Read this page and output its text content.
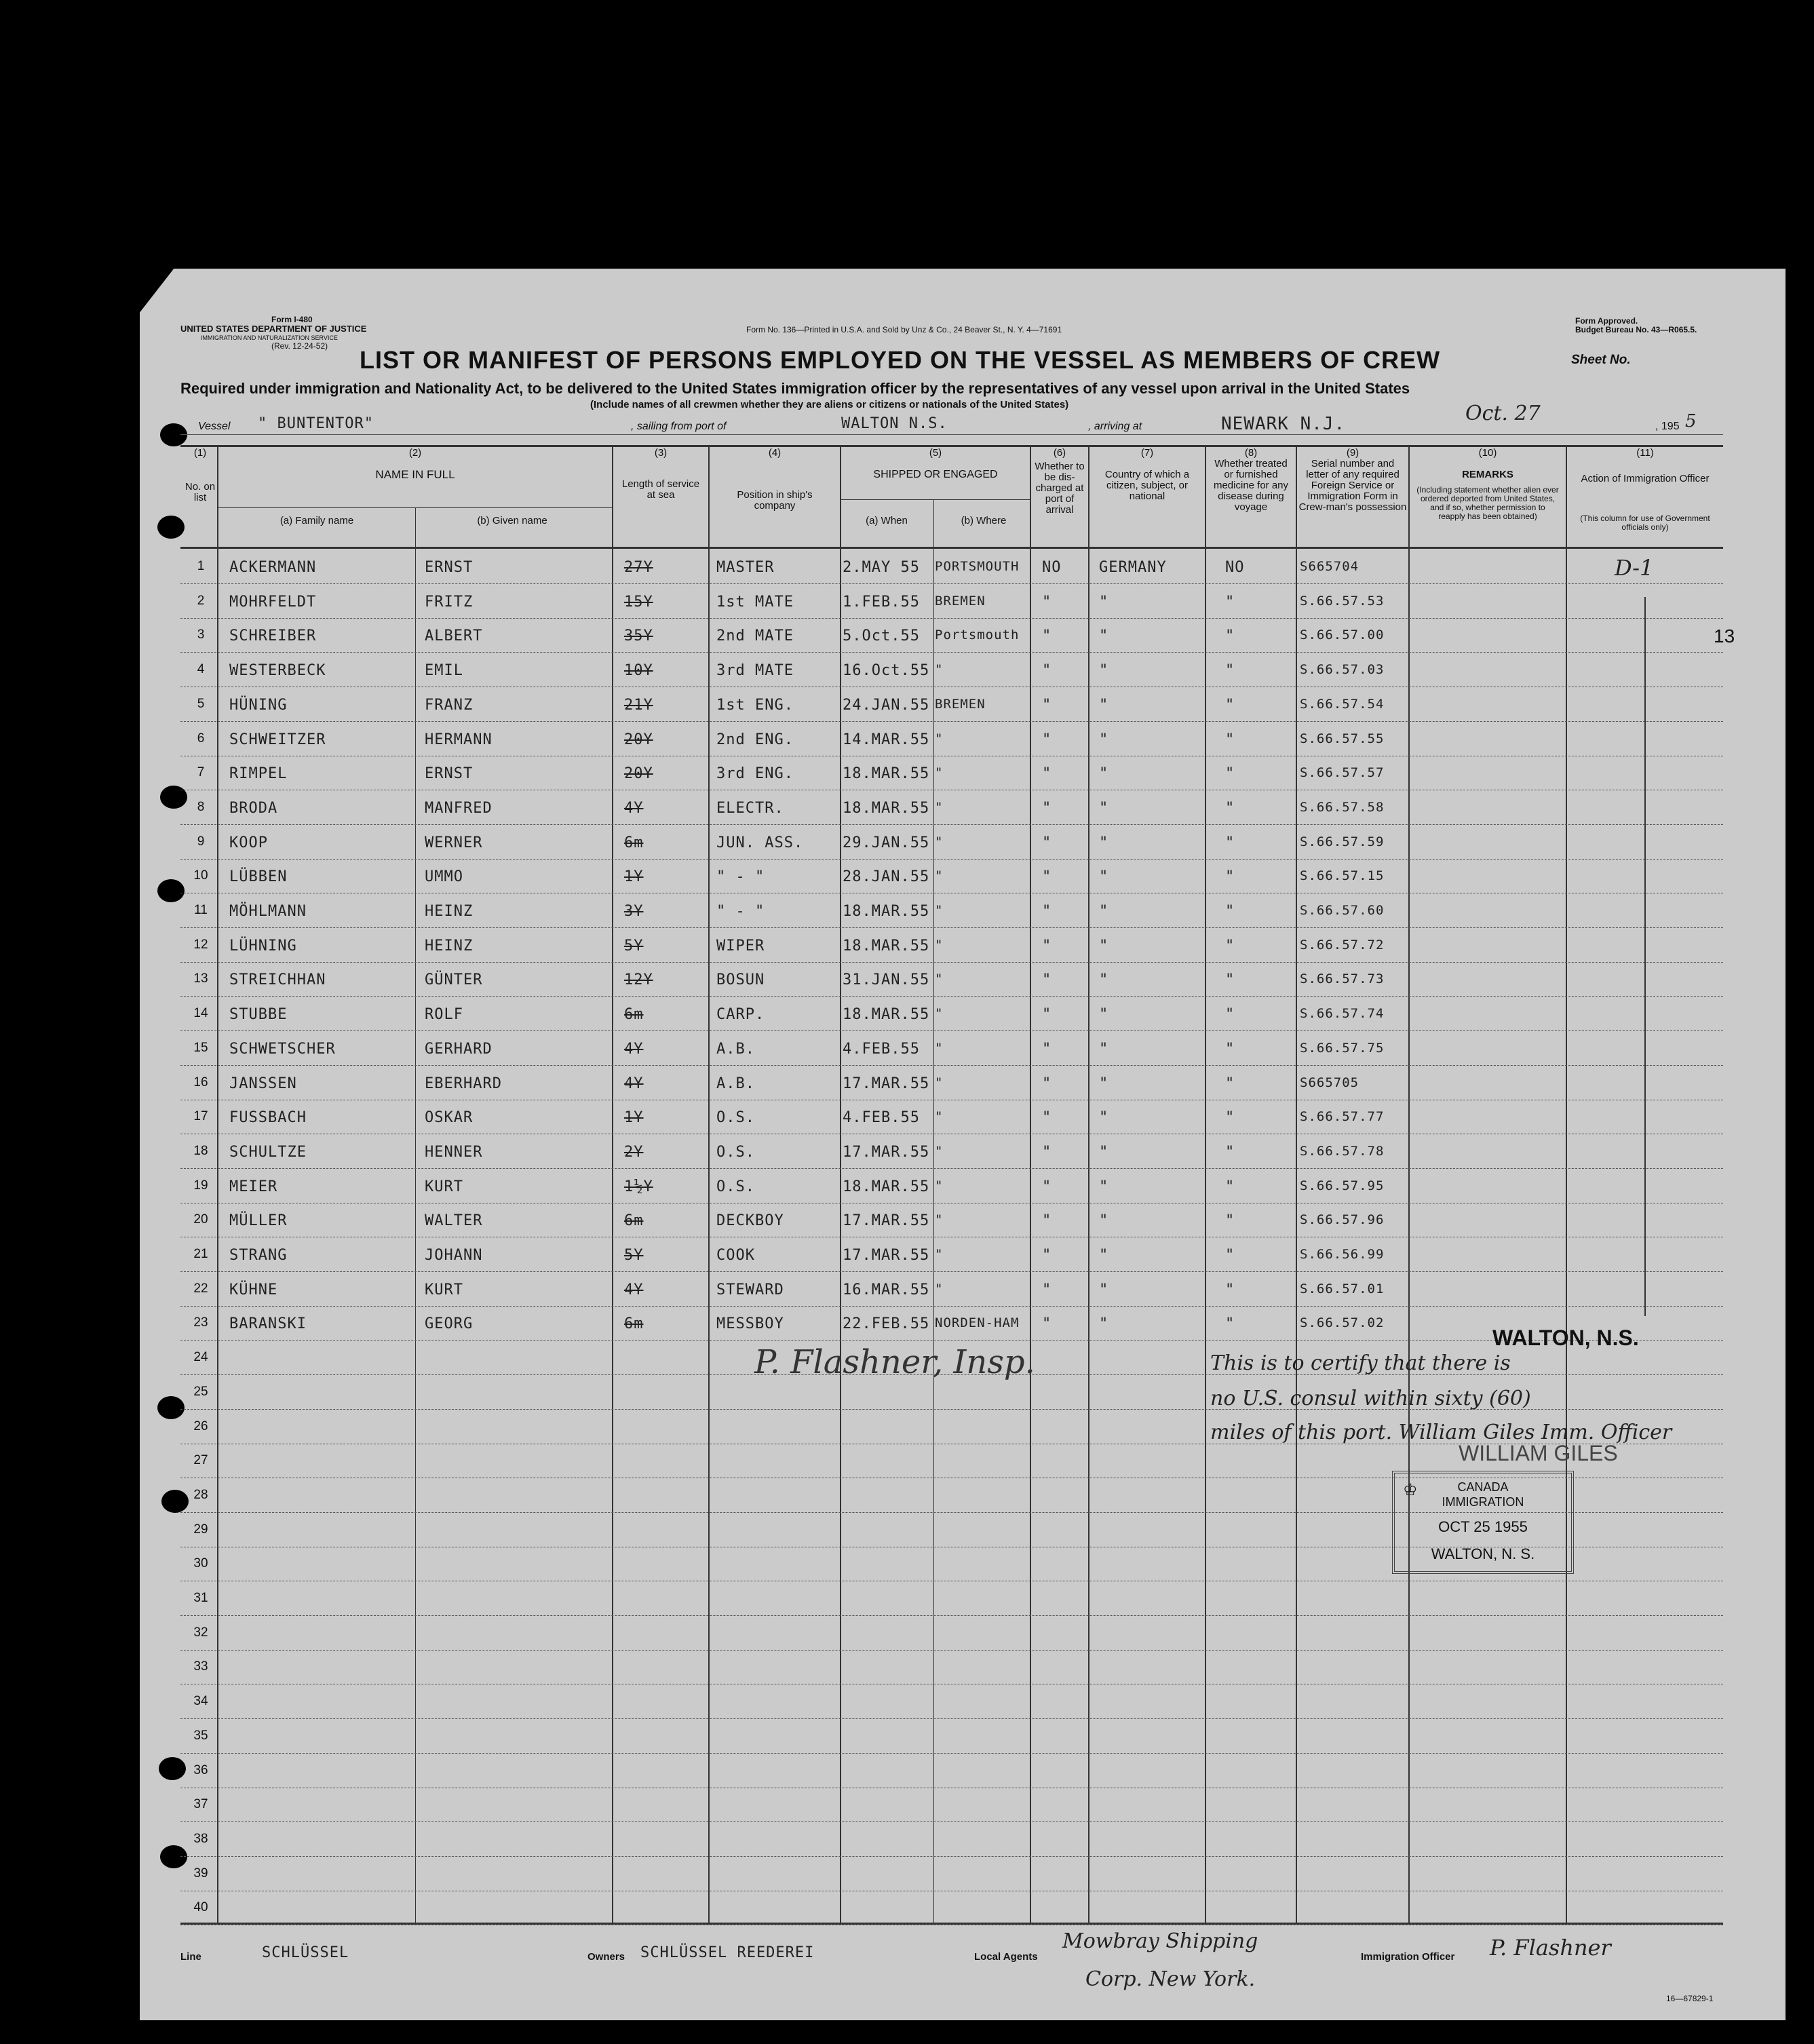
Form I-480
UNITED STATES DEPARTMENT OF JUSTICE
IMMIGRATION AND NATURALIZATION SERVICE
(Rev. 12-24-52)
Form No. 136—Printed in U.S.A. and Sold by Unz & Co., 24 Beaver St., N. Y. 4—71691
Form Approved.
Budget Bureau No. 43—R065.5.
LIST OR MANIFEST OF PERSONS EMPLOYED ON THE VESSEL AS MEMBERS OF CREW	Sheet No.
Required under immigration and Nationality Act, to be delivered to the United States immigration officer by the representatives of any vessel upon arrival in the United States
(Include names of all crewmen whether they are aliens or citizens or nationals of the United States)
Vessel " BUNTENTOR"	, sailing from port of	WALTON N.S.	, arriving at	NEWARK N.J.	Oct. 27
, 195 5
(1)
No. on list
(2)
NAME IN FULL
(a) Family name	(b) Given name
(3)
Length of service at sea
(4)
Position in ship's company
(5)
SHIPPED OR ENGAGED
(a) When	(b) Where
(6)
Whether to be dis-charged at port of arrival
(7)
Country of which a citizen, subject, or national
(8)
Whether treated or furnished medicine for any disease during voyage
(9)
Serial number and letter of any required Foreign Service or Immigration Form in Crew-man's possession
(10)
REMARKS
(Including statement whether alien ever ordered deported from United States, and if so, whether permission to reapply has been obtained)
(11)
Action of Immigration Officer
(This column for use of Government officials only)
1	ACKERMANN	ERNST	27Y	MASTER	2.MAY 55 PORTSMOUTH NO	GERMANY	NO	S665704
2	MOHRFELDT	FRITZ	15Y	1st MATE	1.FEB.55 BREMEN	"	"	"	S.66.57.53
3	SCHREIBER	ALBERT	35Y	2nd MATE	5.Oct.55 Portsmouth "	"	"	S.66.57.00
4	WESTERBECK	EMIL	10Y	3rd MATE	16.Oct.55 "	"	"	"	S.66.57.03
5	HÜNING	FRANZ	21Y	1st ENG.	24.JAN.55 BREMEN	"	"	"	S.66.57.54
6	SCHWEITZER	HERMANN	20Y	2nd ENG.	14.MAR.55 "	"	"	"	S.66.57.55
7	RIMPEL	ERNST	20Y	3rd ENG.	18.MAR.55 "	"	"	"	S.66.57.57
8	BRODA	MANFRED	4Y	ELECTR.	18.MAR.55 "	"	"	"	S.66.57.58
9	KOOP	WERNER	6m	JUN. ASS.	29.JAN.55 "	"	"	"	S.66.57.59
10	LÜBBEN	UMMO	1Y	" - "	28.JAN.55 "	"	"	"	S.66.57.15
11	MÖHLMANN	HEINZ	3Y	" - "	18.MAR.55 "	"	"	"	S.66.57.60
12	LÜHNING	HEINZ	5Y	WIPER	18.MAR.55 "	"	"	"	S.66.57.72
13	STREICHHAN	GÜNTER	12Y	BOSUN	31.JAN.55 "	"	"	"	S.66.57.73
14	STUBBE	ROLF	6m	CARP.	18.MAR.55 "	"	"	"	S.66.57.74
15	SCHWETSCHER	GERHARD	4Y	A.B.	4.FEB.55 "	"	"	"	S.66.57.75
16	JANSSEN	EBERHARD	4Y	A.B.	17.MAR.55 "	"	"	"	S665705
17	FUSSBACH	OSKAR	1Y	O.S.	4.FEB.55 "	"	"	"	S.66.57.77
18	SCHULTZE	HENNER	2Y	O.S.	17.MAR.55 "	"	"	"	S.66.57.78
19	MEIER	KURT	1½Y	O.S.	18.MAR.55 "	"	"	"	S.66.57.95
20	MÜLLER	WALTER	6m	DECKBOY	17.MAR.55 "	"	"	"	S.66.57.96
21	STRANG	JOHANN	5Y	COOK	17.MAR.55 "	"	"	"	S.66.56.99
22	KÜHNE	KURT	4Y	STEWARD	16.MAR.55 "	"	"	"	S.66.57.01
23	BARANSKI	GEORG	6m	MESSBOY	22.FEB.55 NORDEN-HAM "	"	"	S.66.57.02
24
25
26
27
28
29
30
31
32
33
34
35
36
37
38
39
40
D-1
13
P. Flashner, Insp.
WALTON, N.S.
This is to certify that there is
no U.S. consul within sixty (60)
miles of this port. William Giles Imm. Officer
WILLIAM GILES
♔	CANADA
IMMIGRATION
OCT 25 1955
WALTON, N. S.
Line	SCHLÜSSEL	Owners SCHLÜSSEL REEDEREI	Local Agents
Mowbray Shipping
Corp. New York.
Immigration Officer P. Flashner
16—67829-1
